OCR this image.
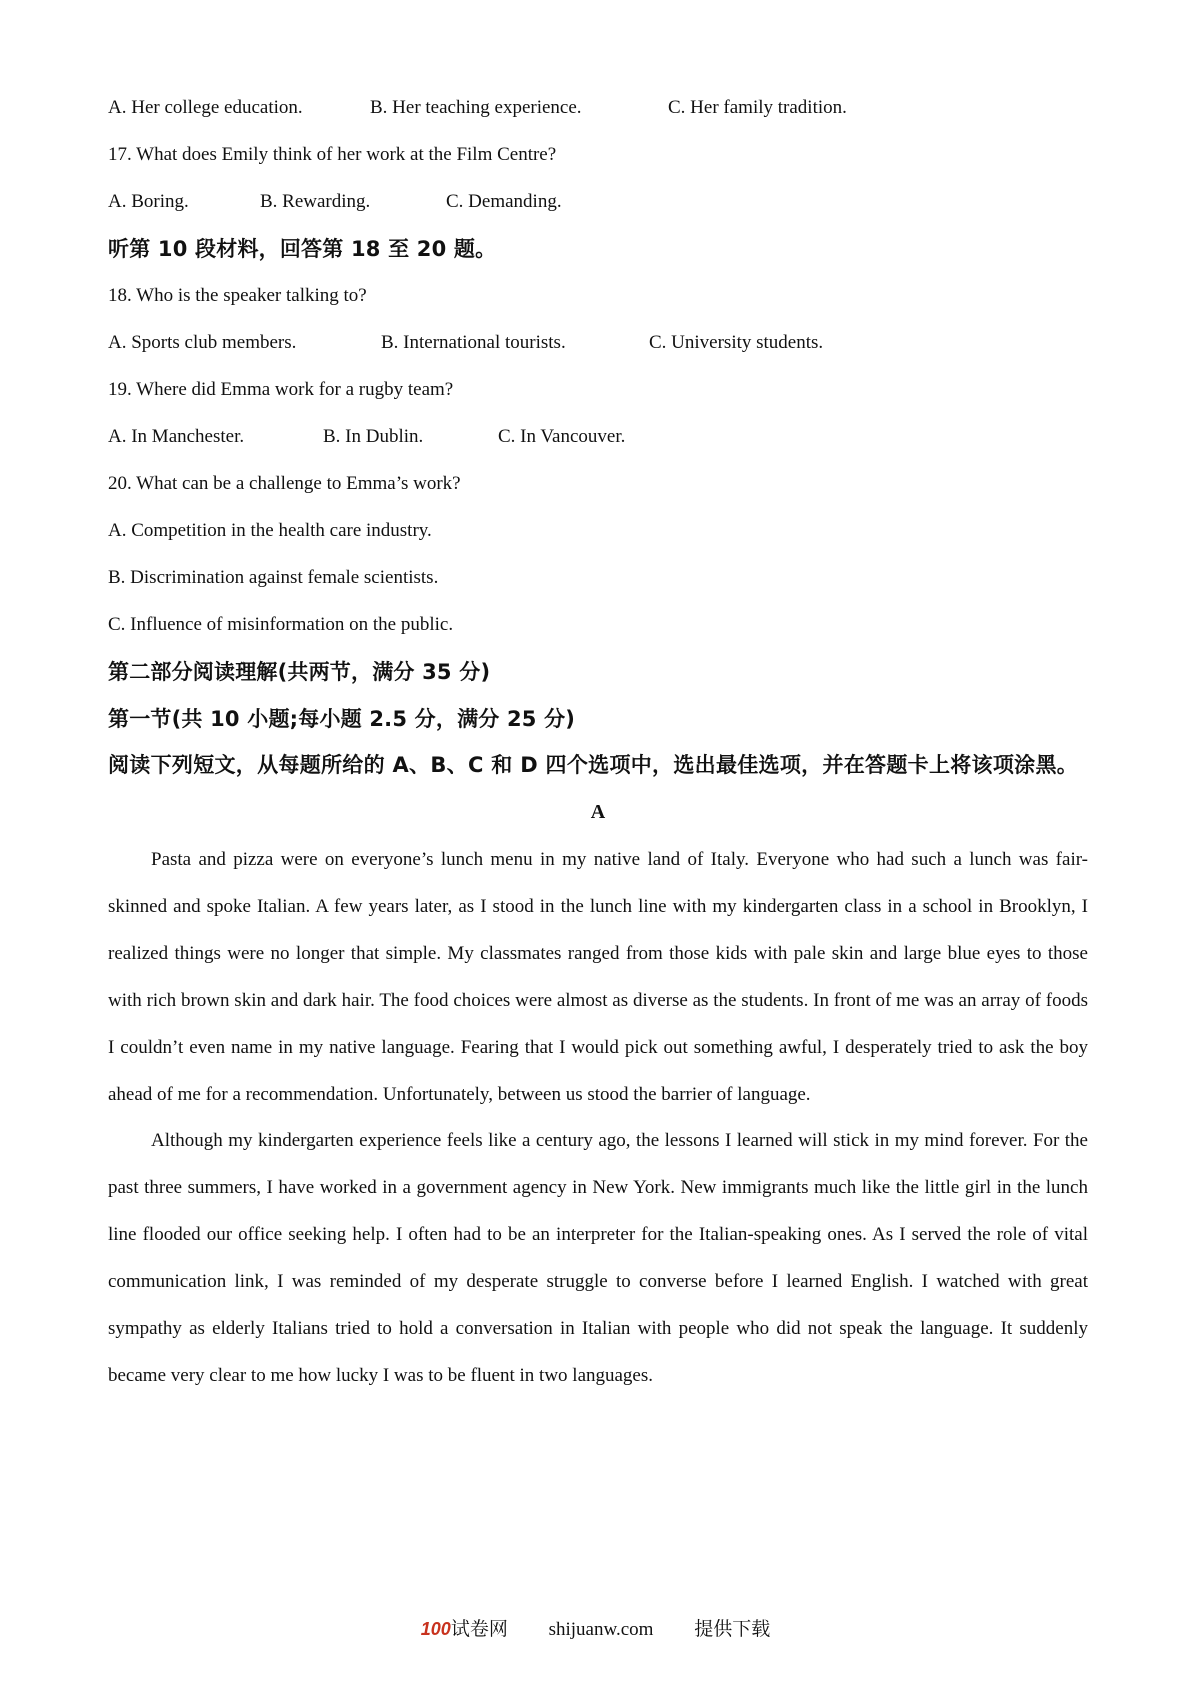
A. Her college education.	B. Her teaching experience.	C. Her family tradition.
17. What does Emily think of her work at the Film Centre?
A. Boring.	B. Rewarding.	C. Demanding.
听第 10 段材料，回答第 18 至 20 题。
18. Who is the speaker talking to?
A. Sports club members.	B. International tourists.	C. University students.
19. Where did Emma work for a rugby team?
A. In Manchester.	B. In Dublin.	C. In Vancouver.
20. What can be a challenge to Emma’s work?
A. Competition in the health care industry.
B. Discrimination against female scientists.
C. Influence of misinformation on the public.
第二部分阅读理解(共两节，满分 35 分)
第一节(共 10 小题;每小题 2.5 分，满分 25 分)
阅读下列短文，从每题所给的 A、B、C 和 D 四个选项中，选出最佳选项，并在答题卡上将该项涂黑。
A

Pasta and pizza were on everyone’s lunch menu in my native land of Italy. Everyone who had such a lunch was fair-skinned and spoke Italian. A few years later, as I stood in the lunch line with my kindergarten class in a school in Brooklyn, I realized things were no longer that simple. My classmates ranged from those kids with pale skin and large blue eyes to those with rich brown skin and dark hair. The food choices were almost as diverse as the students. In front of me was an array of foods I couldn’t even name in my native language. Fearing that I would pick out something awful, I desperately tried to ask the boy ahead of me for a recommendation. Unfortunately, between us stood the barrier of language.

Although my kindergarten experience feels like a century ago, the lessons I learned will stick in my mind forever. For the past three summers, I have worked in a government agency in New York. New immigrants much like the little girl in the lunch line flooded our office seeking help. I often had to be an interpreter for the Italian-speaking ones. As I served the role of vital communication link, I was reminded of my desperate struggle to converse before I learned English. I watched with great sympathy as elderly Italians tried to hold a conversation in Italian with people who did not speak the language. It suddenly became very clear to me how lucky I was to be fluent in two languages.

100试卷网 shijuanw.com 提供下载
